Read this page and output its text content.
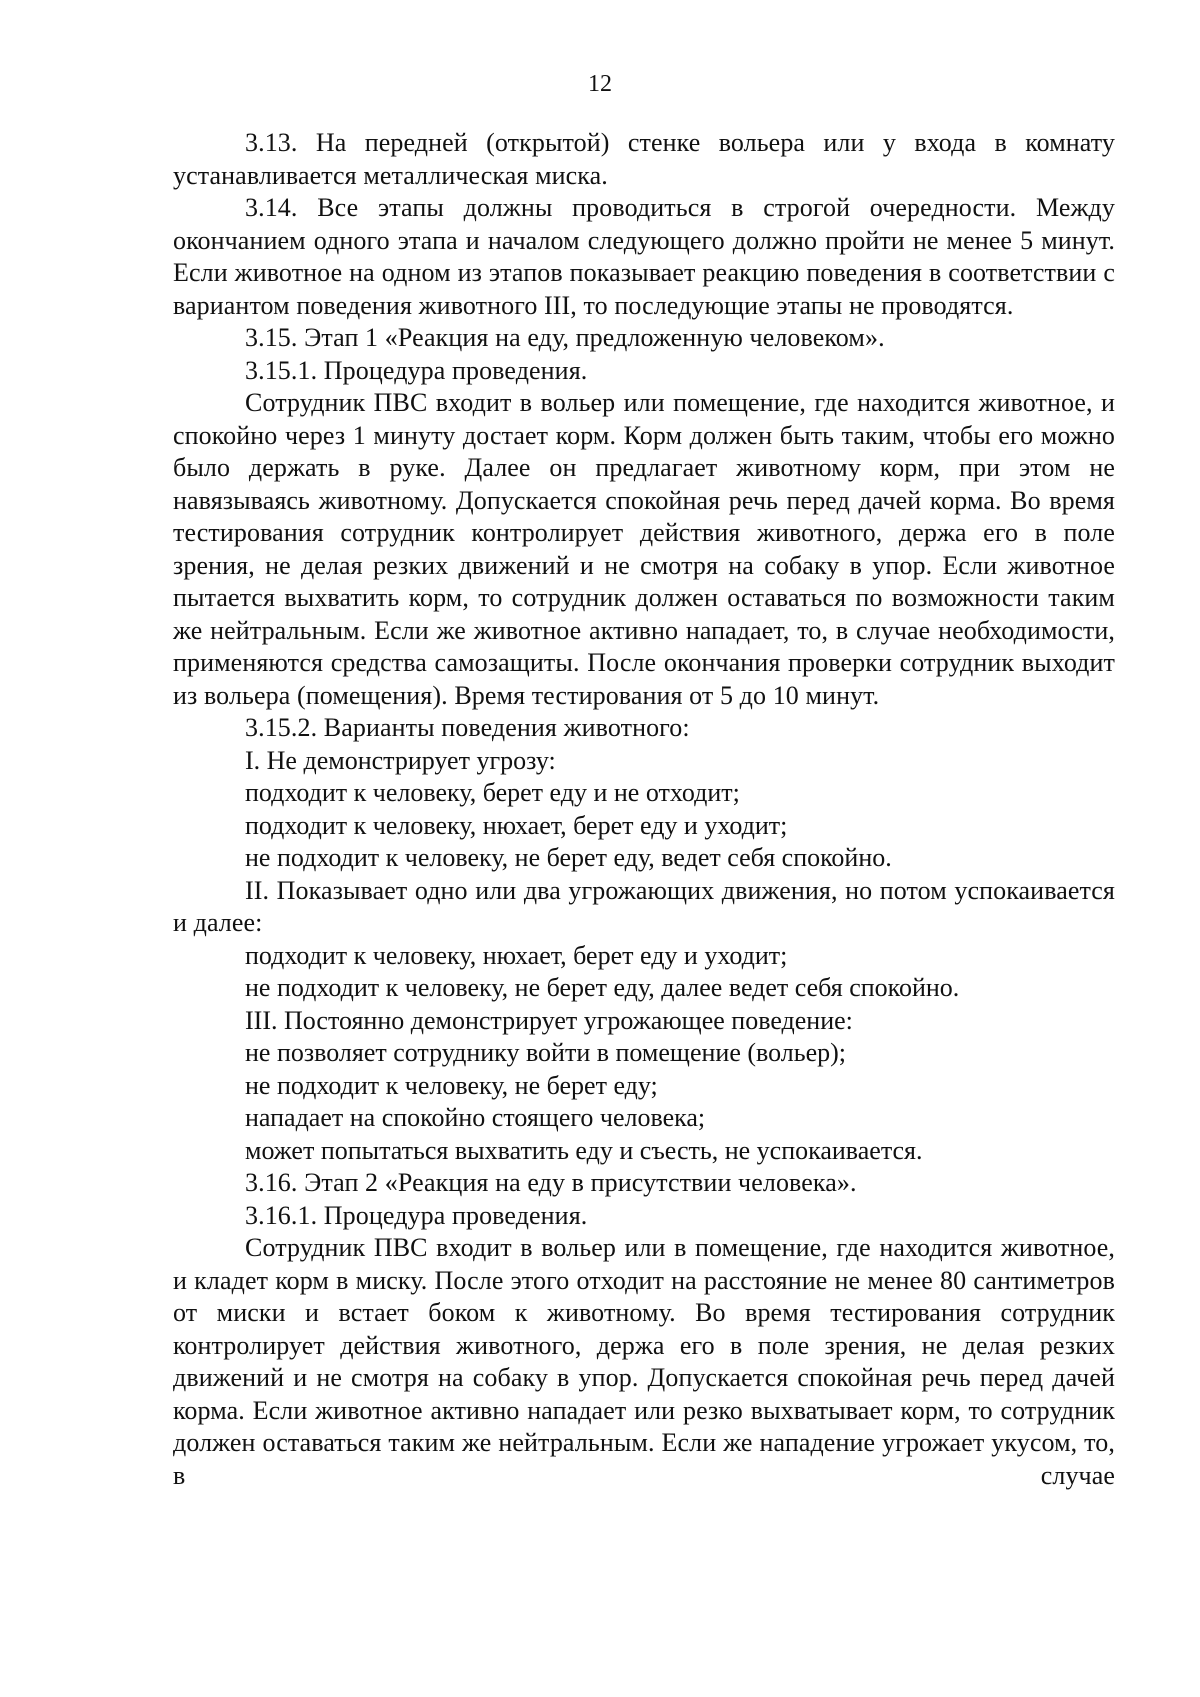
12

3.13. На передней (открытой) стенке вольера или у входа в комнату устанавливается металлическая миска.

3.14. Все этапы должны проводиться в строгой очередности. Между окончанием одного этапа и началом следующего должно пройти не менее 5 минут. Если животное на одном из этапов показывает реакцию поведения в соответствии с вариантом поведения животного III, то последующие этапы не проводятся.

3.15. Этап 1 «Реакция на еду, предложенную человеком».

3.15.1. Процедура проведения.

Сотрудник ПВС входит в вольер или помещение, где находится животное, и спокойно через 1 минуту достает корм. Корм должен быть таким, чтобы его можно было держать в руке. Далее он предлагает животному корм, при этом не навязываясь животному. Допускается спокойная речь перед дачей корма. Во время тестирования сотрудник контролирует действия животного, держа его в поле зрения, не делая резких движений и не смотря на собаку в упор. Если животное пытается выхватить корм, то сотрудник должен оставаться по возможности таким же нейтральным. Если же животное активно нападает, то, в случае необходимости, применяются средства самозащиты. После окончания проверки сотрудник выходит из вольера (помещения). Время тестирования от 5 до 10 минут.

3.15.2. Варианты поведения животного:

I. Не демонстрирует угрозу:

подходит к человеку, берет еду и не отходит;

подходит к человеку, нюхает, берет еду и уходит;

не подходит к человеку, не берет еду, ведет себя спокойно.

II. Показывает одно или два угрожающих движения, но потом успокаивается и далее:

подходит к человеку, нюхает, берет еду и уходит;

не подходит к человеку, не берет еду, далее ведет себя спокойно.

III. Постоянно демонстрирует угрожающее поведение:

не позволяет сотруднику войти в помещение (вольер);

не подходит к человеку, не берет еду;

нападает на спокойно стоящего человека;

может попытаться выхватить еду и съесть, не успокаивается.

3.16. Этап 2 «Реакция на еду в присутствии человека».

3.16.1. Процедура проведения.

Сотрудник ПВС входит в вольер или в помещение, где находится животное, и кладет корм в миску. После этого отходит на расстояние не менее 80 сантиметров от миски и встает боком к животному. Во время тестирования сотрудник контролирует действия животного, держа его в поле зрения, не делая резких движений и не смотря на собаку в упор. Допускается спокойная речь перед дачей корма. Если животное активно нападает или резко выхватывает корм, то сотрудник должен оставаться таким же нейтральным. Если же нападение угрожает укусом, то, в случае
